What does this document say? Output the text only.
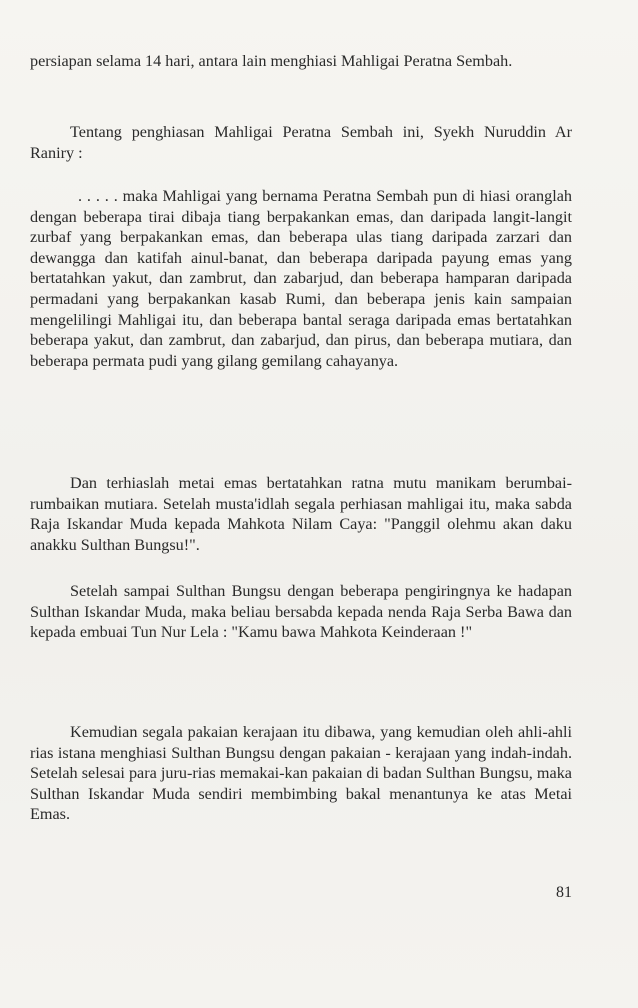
persiapan selama 14 hari, antara lain menghiasi Mahligai Peratna Sembah.

Tentang penghiasan Mahligai Peratna Sembah ini, Syekh Nuruddin Ar Raniry :

. . . . . maka Mahligai yang bernama Peratna Sembah pun di hiasi oranglah dengan beberapa tirai dibaja tiang berpakankan emas, dan daripada langit-langit zurbaf yang berpakankan emas, dan beberapa ulas tiang daripada zarzari dan dewangga dan katifah ainul-banat, dan beberapa daripada payung emas yang bertatahkan yakut, dan zambrut, dan zabarjud, dan beberapa hamparan daripada permadani yang berpakankan kasab Rumi, dan beberapa jenis kain sampaian mengelilingi Mahligai itu, dan beberapa bantal seraga daripada emas bertatahkan beberapa yakut, dan zambrut, dan zabarjud, dan pirus, dan beberapa mutiara, dan beberapa permata pudi yang gilang gemilang cahayanya.

Dan terhiaslah metai emas bertatahkan ratna mutu manikam berumbai-rumbaikan mutiara. Setelah musta'idlah segala perhiasan mahligai itu, maka sabda Raja Iskandar Muda kepada Mahkota Nilam Caya: "Panggil olehmu akan daku anakku Sulthan Bungsu!".

Setelah sampai Sulthan Bungsu dengan beberapa pengiringnya ke hadapan Sulthan Iskandar Muda, maka beliau bersabda kepada nenda Raja Serba Bawa dan kepada embuai Tun Nur Lela : "Kamu bawa Mahkota Keinderaan !"

Kemudian segala pakaian kerajaan itu dibawa, yang kemudian oleh ahli-ahli rias istana menghiasi Sulthan Bungsu dengan pakaian - kerajaan yang indah-indah. Setelah selesai para juru-rias memakai-kan pakaian di badan Sulthan Bungsu, maka Sulthan Iskandar Muda sendiri membimbing bakal menantunya ke atas Metai Emas.

81
